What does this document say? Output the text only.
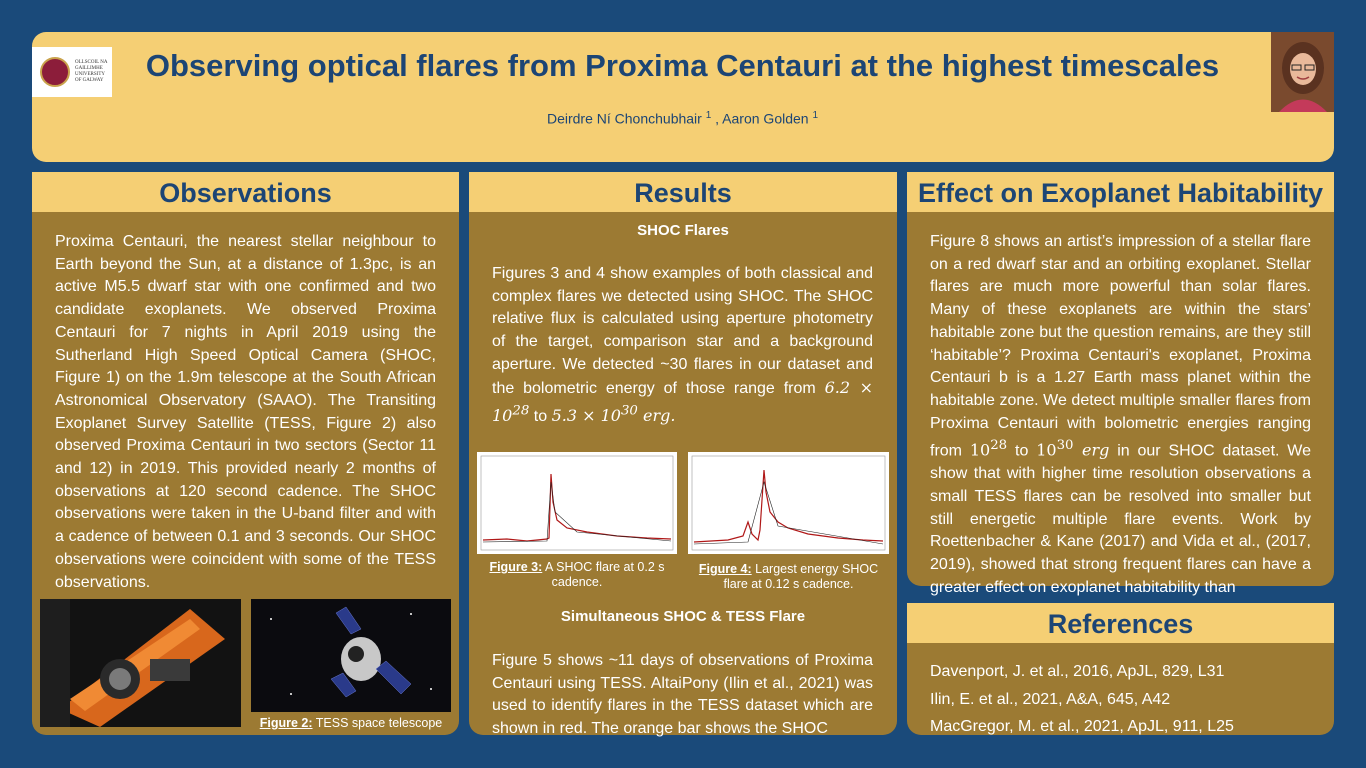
OLLSCOIL NA
GAILLIMHE
UNIVERSITY
OF GALWAY	Observing optical flares from Proxima Centauri at the highest timescales
Deirdre Ní Chonchubhair $^1$ , Aaron Golden $^1$
Observations
Proxima Centauri, the nearest stellar neighbour to Earth beyond the Sun, at a distance of 1.3pc, is an active M5.5 dwarf star with one confirmed and two candidate exoplanets. We observed Proxima Centauri for 7 nights in April 2019 using the Sutherland High Speed Optical Camera (SHOC, Figure 1) on the 1.9m telescope at the South African Astronomical Observatory (SAAO). The Transiting Exoplanet Survey Satellite (TESS, Figure 2) also observed Proxima Centauri in two sectors (Sector 11 and 12) in 2019. This provided nearly 2 months of observations at 120 second cadence. The SHOC observations were taken in the U-band filter and with a cadence of between 0.1 and 3 seconds. Our SHOC observations were coincident with some of the TESS observations.
Figure 2: TESS space telescope
Results
SHOC Flares
Figures 3 and 4 show examples of both classical and complex flares we detected using SHOC. The SHOC relative flux is calculated using aperture photometry of the target, comparison star and a background aperture. We detected ~30 flares in our dataset and the bolometric energy of those range from $6.2 \times 10^{28}$ to $5.3 \times 10^{30}$ erg.
Figure 3: A SHOC flare at 0.2 s cadence.
Figure 4: Largest energy SHOC flare at 0.12 s cadence.
Simultaneous SHOC & TESS Flare
Figure 5 shows ~11 days of observations of Proxima Centauri using TESS. AltaiPony (Ilin et al., 2021) was used to identify flares in the TESS dataset which are shown in red. The orange bar shows the SHOC
Effect on Exoplanet Habitability
Figure 8 shows an artist’s impression of a stellar flare on a red dwarf star and an orbiting exoplanet. Stellar flares are much more powerful than solar flares. Many of these exoplanets are within the stars’ habitable zone but the question remains, are they still ‘habitable’? Proxima Centauri's exoplanet, Proxima Centauri b is a 1.27 Earth mass planet within the habitable zone. We detect multiple smaller flares from Proxima Centauri with bolometric energies ranging from $10^{28}$ to $10^{30}$ erg in our SHOC dataset. We show that with higher time resolution observations a small TESS flares can be resolved into smaller but still energetic multiple flare events. Work by Roettenbacher & Kane (2017) and Vida et al., (2017, 2019), showed that strong frequent flares can have a greater effect on exoplanet habitability than
References
Davenport, J. et al., 2016, ApJL, 829, L31
Ilin, E. et al., 2021, A&A, 645, A42
MacGregor, M. et al., 2021, ApJL, 911, L25
